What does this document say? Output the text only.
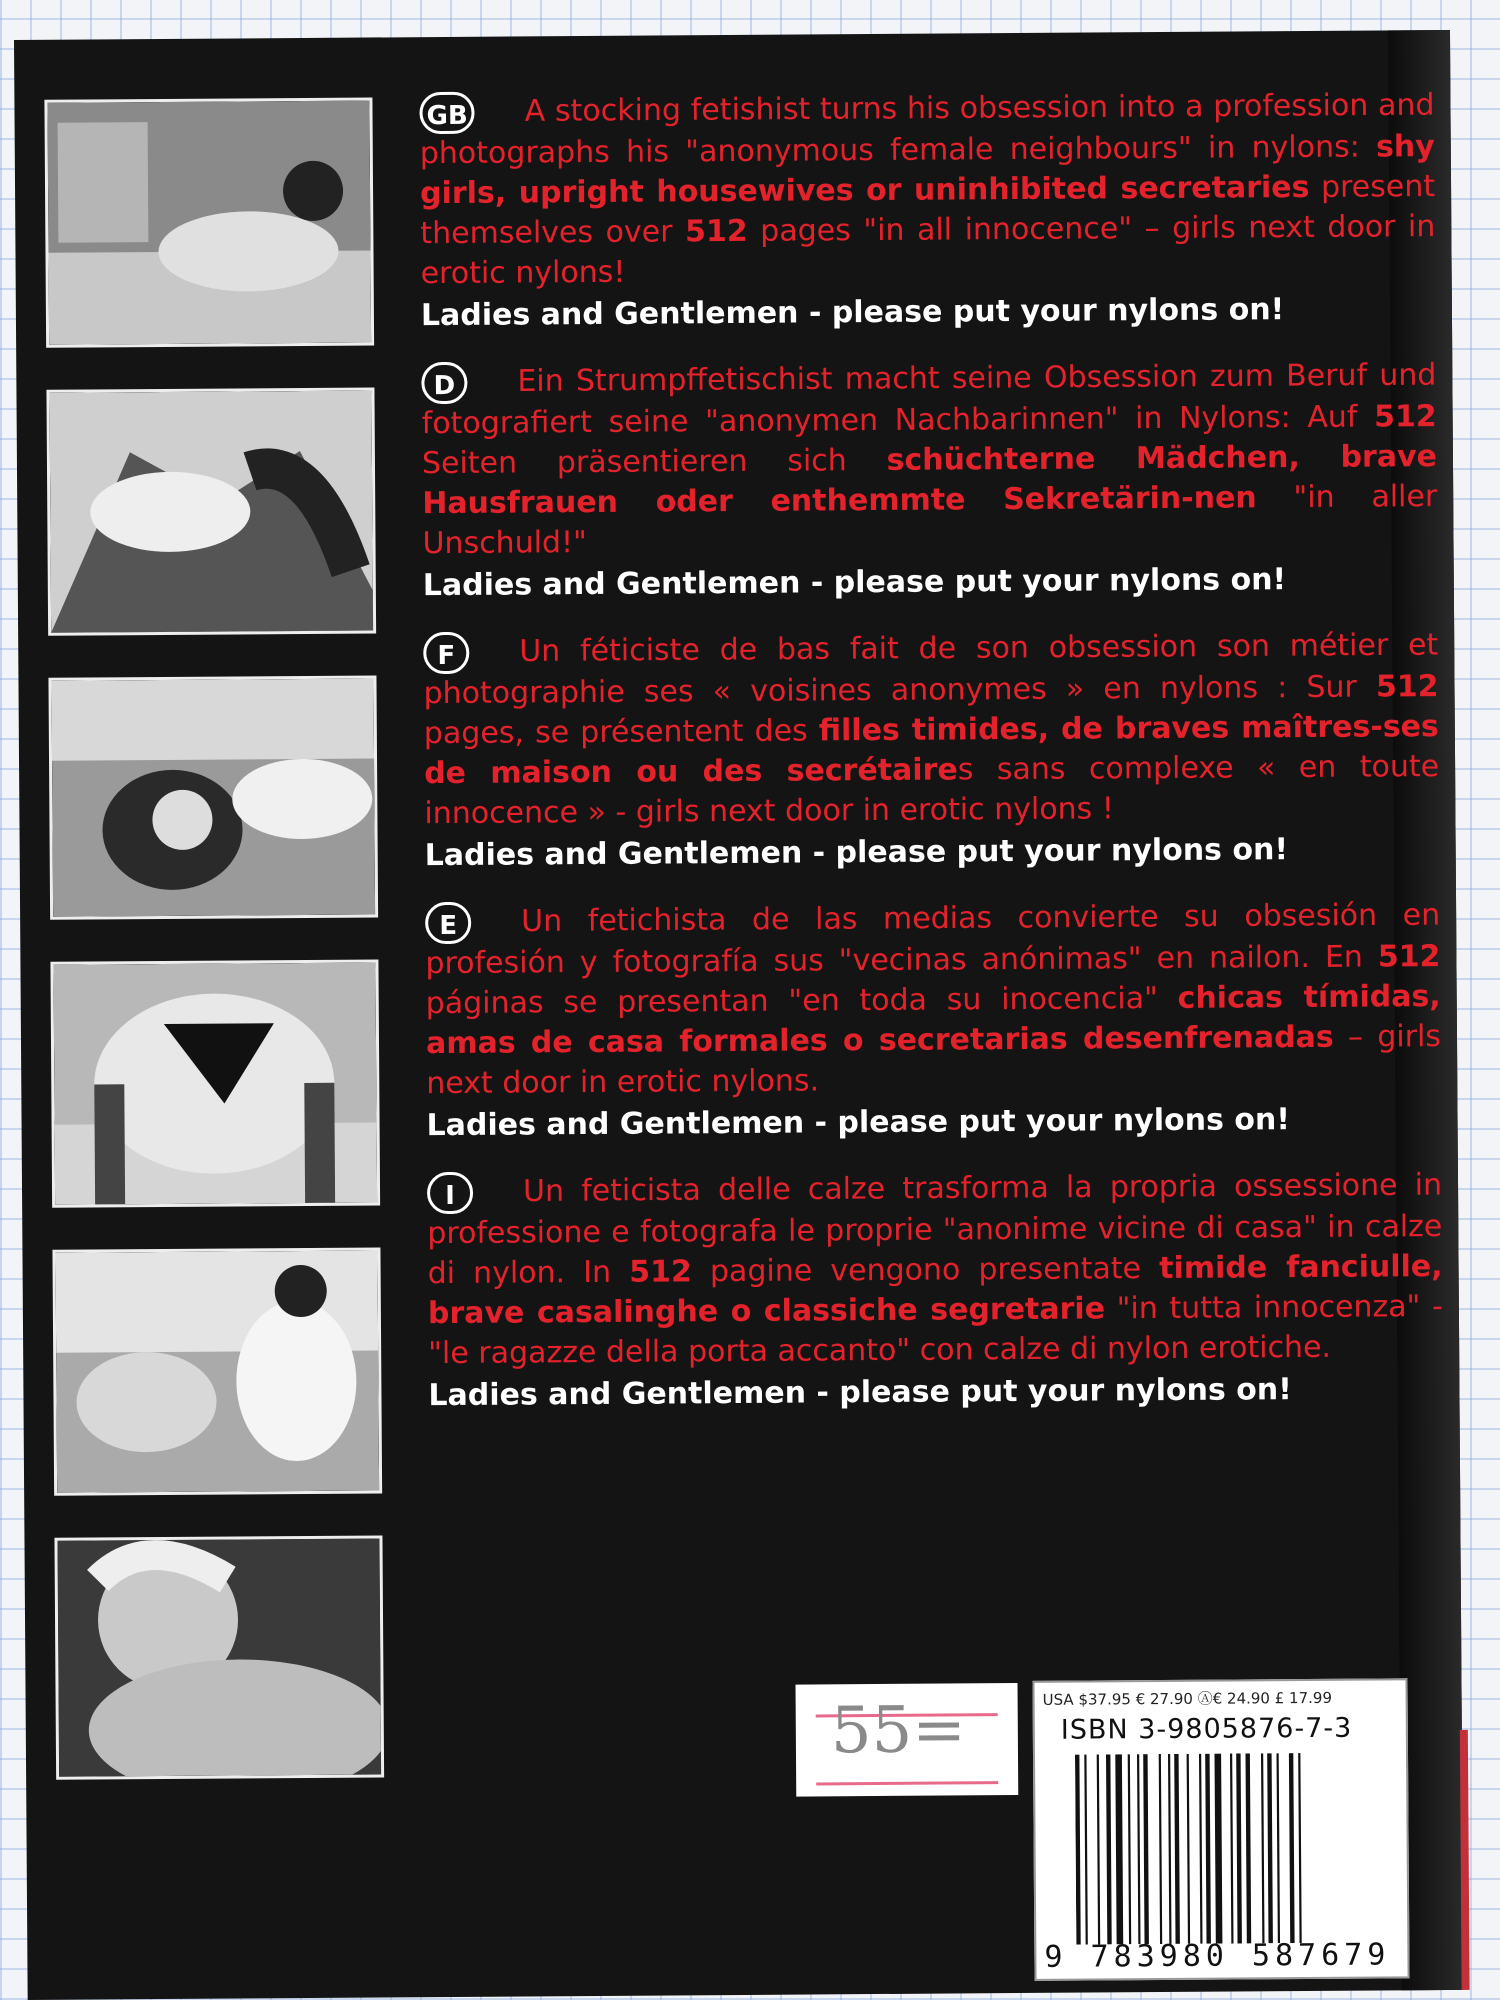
GB A stocking fetishist turns his obsession into a profession and photographs his "anonymous female neighbours" in nylons: shy girls, upright housewives or uninhibited secretaries present themselves over 512 pages "in all innocence" – girls next door in erotic nylons!

Ladies and Gentlemen - please put your nylons on!

D Ein Strumpffetischist macht seine Obsession zum Beruf und fotografiert seine "anonymen Nachbarinnen" in Nylons: Auf 512 Seiten präsentieren sich schüchterne Mädchen, brave Hausfrauen oder enthemmte Sekretärin-nen "in aller Unschuld!"

Ladies and Gentlemen - please put your nylons on!

F Un féticiste de bas fait de son obsession son métier et photographie ses « voisines anonymes » en nylons : Sur 512 pages, se présentent des filles timides, de braves maîtres-ses de maison ou des secrétaires sans complexe « en toute innocence » - girls next door in erotic nylons !

Ladies and Gentlemen - please put your nylons on!

E Un fetichista de las medias convierte su obsesión en profesión y fotografía sus "vecinas anónimas" en nailon. En 512 páginas se presentan "en toda su inocencia" chicas tímidas, amas de casa formales o secretarias desenfrenadas – girls next door in erotic nylons.

Ladies and Gentlemen - please put your nylons on!

I Un feticista delle calze trasforma la propria ossessione in professione e fotografa le proprie "anonime vicine di casa" in calze di nylon. In 512 pagine vengono presentate timide fanciulle, brave casalinghe o classiche segretarie "in tutta innocenza" - "le ragazze della porta accanto" con calze di nylon erotiche.

Ladies and Gentlemen - please put your nylons on!

55=	USA $37.95 € 27.90 Ⓐ€ 24.90 £ 17.99
ISBN 3-9805876-7-3
9 783980 587679
